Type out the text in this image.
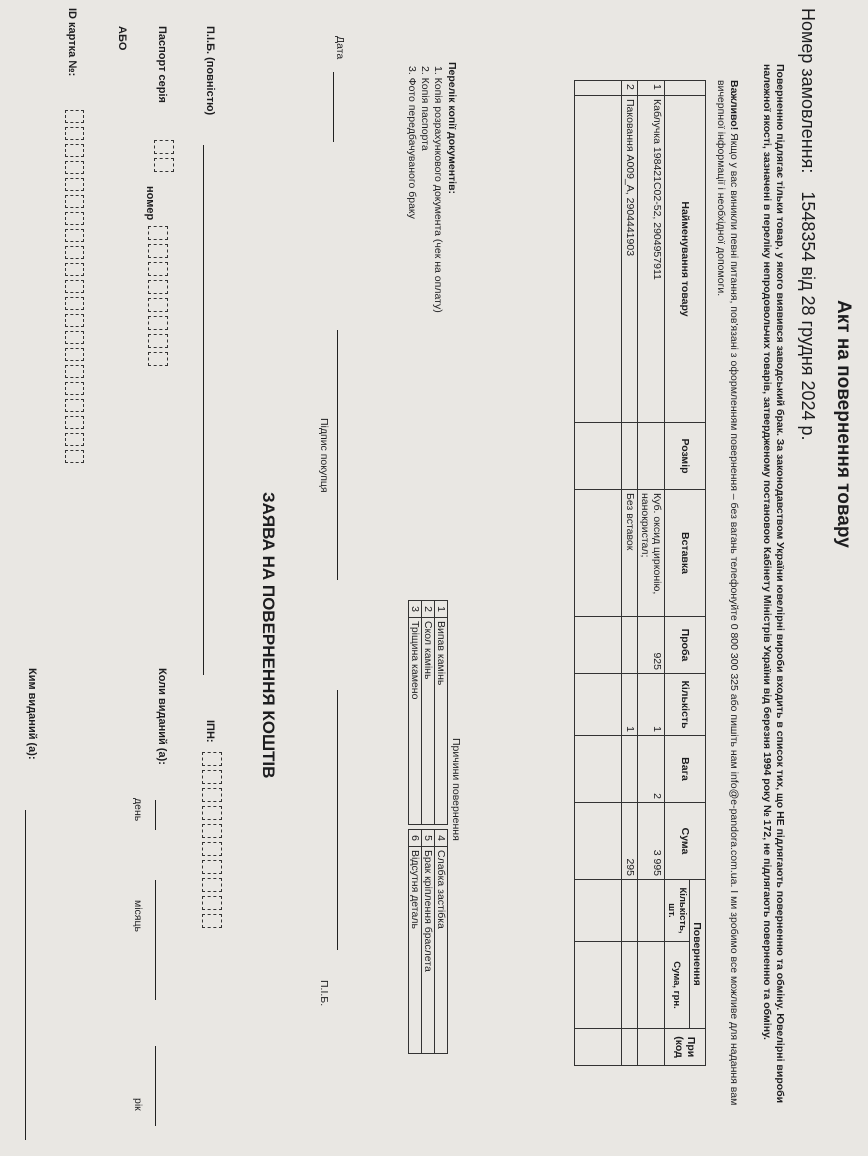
Акт на повернення товару
Номер замовлення:1548354 від 28 грудня 2024 р.
Поверненню підлягає тільки товар, у якого виявився заводський брак. За законодавством України ювелірні вироби входить в список тих, що НЕ підлягають поверненню та обміну. Ювелірні вироби належної якості, зазначені в переліку непродовольчих товарів, затвердженому постановою Кабінету Міністрів України від березня 1994 року № 172, не підлягають поверненню та обміну.
Важливо! Якщо у вас виникли певні питання, пов'язані з оформленням повернення – без вагань телефонуйте 0 800 300 325 або пишіть нам info@e-pandora.com.ua. І ми зробимо все можливе для надання вам вичерпної інформації і необхідної допомоги.
	Найменування товару	Розмір	Вставка	Проба	Кількість	Вага	Сума	Повернення		При (код
								Кількість, шт.	Сума, грн.	
1	Каблучка 198421C02-52, 2904957911		Куб. оксид цирконію, нанокристал;	925	1	2	3 995			
2	Паковання A009_A, 2904441903		Без вставок		1		295			

Перелік копії документів:
1. Копія розрахункового документа (чек на оплату)
2. Копія паспорта
3. Фото передбачуваного браку
Причини повернення
1	Випав камінь		4	Слабка застібка
2	Скол камінь		5	Брак кріплення браслета
3	Тріщина камено		6	Відсутня деталь
Дата
Підпис покупця
П.І.Б.
ЗАЯВА НА ПОВЕРНЕННЯ КОШТІВ
П.І.Б. (повністю)
ІПН:
Паспорт серія
номер
Коли виданий (а):
день
місяць
рік
АБО
ID картка №:
Ким виданий (а):
